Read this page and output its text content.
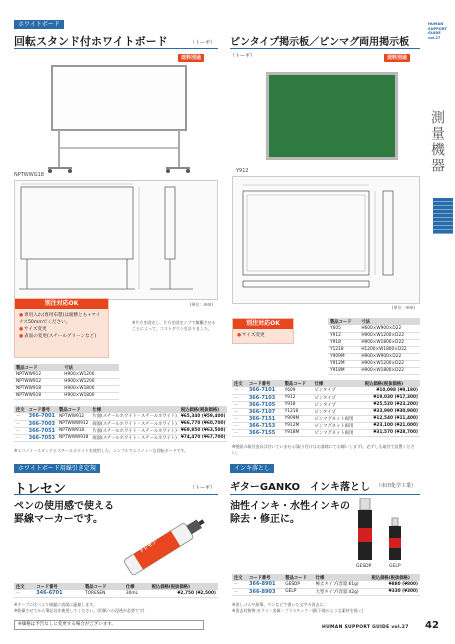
HUMAN
SUPPORT
GUIDE
vol.27
測量機器
ホワイトボード
回転スタンド付ホワイトボード	（トーギ）
送料別途
NPTWWG18
(単位：mm)
別注対応OK
● 専用入れ(専用布製)は縦横とも+マイナス50mmでください。
● サイズ変更
● 表面の変更(スチールグリーンなど)
※片方を固定し、片方を固定ノブで稼働させることによって、コストダウンを計りました。
製品コード	寸法
NPTWW912	H900×W1200
NPTWW912	H900×W1200
NPTWW918	H900×W1800
NPTWW918	H900×W1800
注文	コード番号	製品コード	仕様	税込価格(税抜価格)
－	366-7001	NPTWW912	片面(スチールホワイト・スチールホワイト)	¥65,340 (¥59,400)
－	366-7003	NPTWWW912	両面(スチールホワイト・スチールホワイト)	¥66,770 (¥60,700)
－	366-7051	NPTWW918	片面(スチールホワイト・スチールホワイト)	¥69,850 (¥63,500)
－	366-7053	NPTWWW918	両面(スチールホワイト・スチールホワイト)	¥74,470 (¥67,700)
※エコノミースタンドとスチールホワイトを使用した、シンプルでエコノミーな回転ボードです。
ピンタイプ掲示板／ピンマグ両用掲示板
（トーギ）	送料別途
Y912
(単位：mm)
別注対応OK
● サイズ変更
製品コード	寸法
Y605	H600×W900×D22
Y912	H900×W1200×D22
Y918	H900×W1800×D22
Y1218	H1200×W1800×D22
Y909M	H900×W900×D22
Y912M	H900×W1200×D22
Y918M	H900×W1800×D22
注文	コード番号	製品コード	仕様	税込価格(税抜価格)
－	366-7101	Y609	ピンタイプ	¥10,098 (¥9,180)
－	366-7103	Y912	ピンタイプ	¥19,030 (¥17,300)
－	366-7105	Y918	ピンタイプ	¥25,520 (¥23,200)
－	366-7107	Y1218	ピンタイプ	¥33,990 (¥30,900)
－	366-7151	Y909M	ピンマグネット両用	¥12,540 (¥11,400)
－	366-7153	Y912M	ピンマグネット両用	¥23,100 (¥21,000)
－	366-7155	Y918M	ピンマグネット両用	¥31,570 (¥28,700)
※壁面の取付金具は付いていません(取り付けはお客様にてお願いします)。必ずしも取付て設置ください。
ホワイトボード用線引き定規
トレセン	（トーギ）
ペンの使用感で使える
罫線マーカーです。
トレセン
注文	コード番号	製品コード	仕様	税込価格(税抜価格)
－	346-6701	TORESEN	30mL	¥2,750 (¥2,500)
※テープに比べより綺麗に表現に適量します。
※乾燥させてから筆記具を使用してください。(用紙への浸透が必要です)
インキ落とし
ギターGANKO　インキ落とし （市田化学工業）
油性インキ・水性インキの
除去・修正に。
GESDP	GELP
注文	コード番号	製品コード	仕様	税込価格(税抜価格)
－	366-8901	GESDP	極太タイプ(容量:61g)	¥880 (¥800)
－	366-8903	GELP	大型タイプ(容量:42g)	¥330 (¥300)
※消しゴムや鉛筆、ペンなどで書いた文字の消去に。
※消去対象物:ガラス・金属・プラスチック・紙(下地のような素材を除く)
※価格は予告なしに変更する場合がございます。
HUMAN SUPPORT GUIDE vol.27 42
